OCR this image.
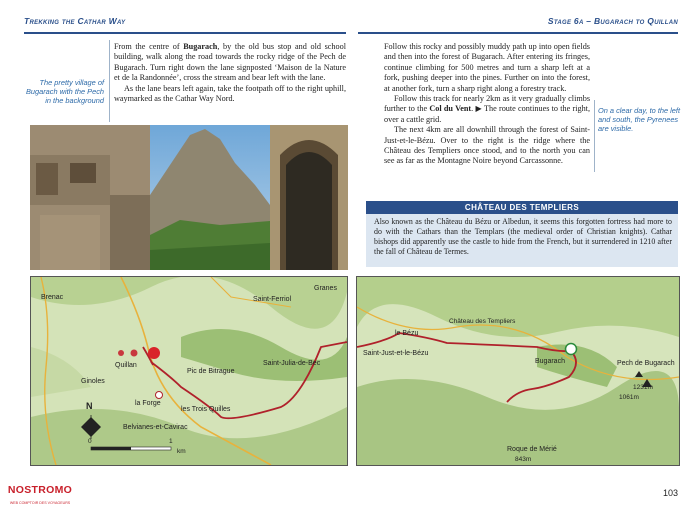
Trekking the Cathar Way	Stage 6a – Bugarach to Quillan
The pretty village of Bugarach with the Pech in the background

From the centre of Bugarach, by the old bus stop and old school building, walk along the road towards the rocky ridge of the Pech de Bugarach. Turn right down the lane signposted ‘Maison de la Nature et de la Randonnée’, cross the stream and bear left with the lane.

As the lane bears left again, take the footpath off to the right uphill, waymarked as the Cathar Way Nord.

Follow this rocky and possibly muddy path up into open fields and then into the forest of Bugarach. After entering its fringes, continue climbing for 500 metres and turn a sharp left at a fork, pushing deeper into the pines. Further on into the forest, at another fork, turn a sharp right along a forestry track.

Follow this track for nearly 2km as it very gradually climbs further to the Col du Vent. ▶ The route continues to the right, over a cattle grid.

The next 4km are all downhill through the forest of Saint-Just-et-le-Bézu. Over to the right is the ridge where the Château des Templiers once stood, and to the north you can see as far as the Montagne Noire beyond Carcassonne.

On a clear day, to the left and south, the Pyrenees are visible.
CHÂTEAU DES TEMPLIERS
Also known as the Château du Bézu or Albedun, it seems this forgotten fortress had more to do with the Cathars than the Templars (the medieval order of Christian knights). Cathar bishops did apparently use the castle to hide from the French, but it surrendered in 1210 after the fall of Château de Termes.
Brenac	Saint-Ferriol
Granes
Quillan
Ginoles
Pic de Bitrague
Saint-Julia-de-Bec
la Forge
les Trois Quilles
Belvianes-et-Cavirac
N
0	1
km
le Bézu
Saint-Just-et-le-Bézu
Château des Templiers
Bugarach	Pech de Bugarach
1061m
1231m
Roque de Mérié
843m
103
NOSTROMO
WEB COMPTOIR DES VOYAGEURS
